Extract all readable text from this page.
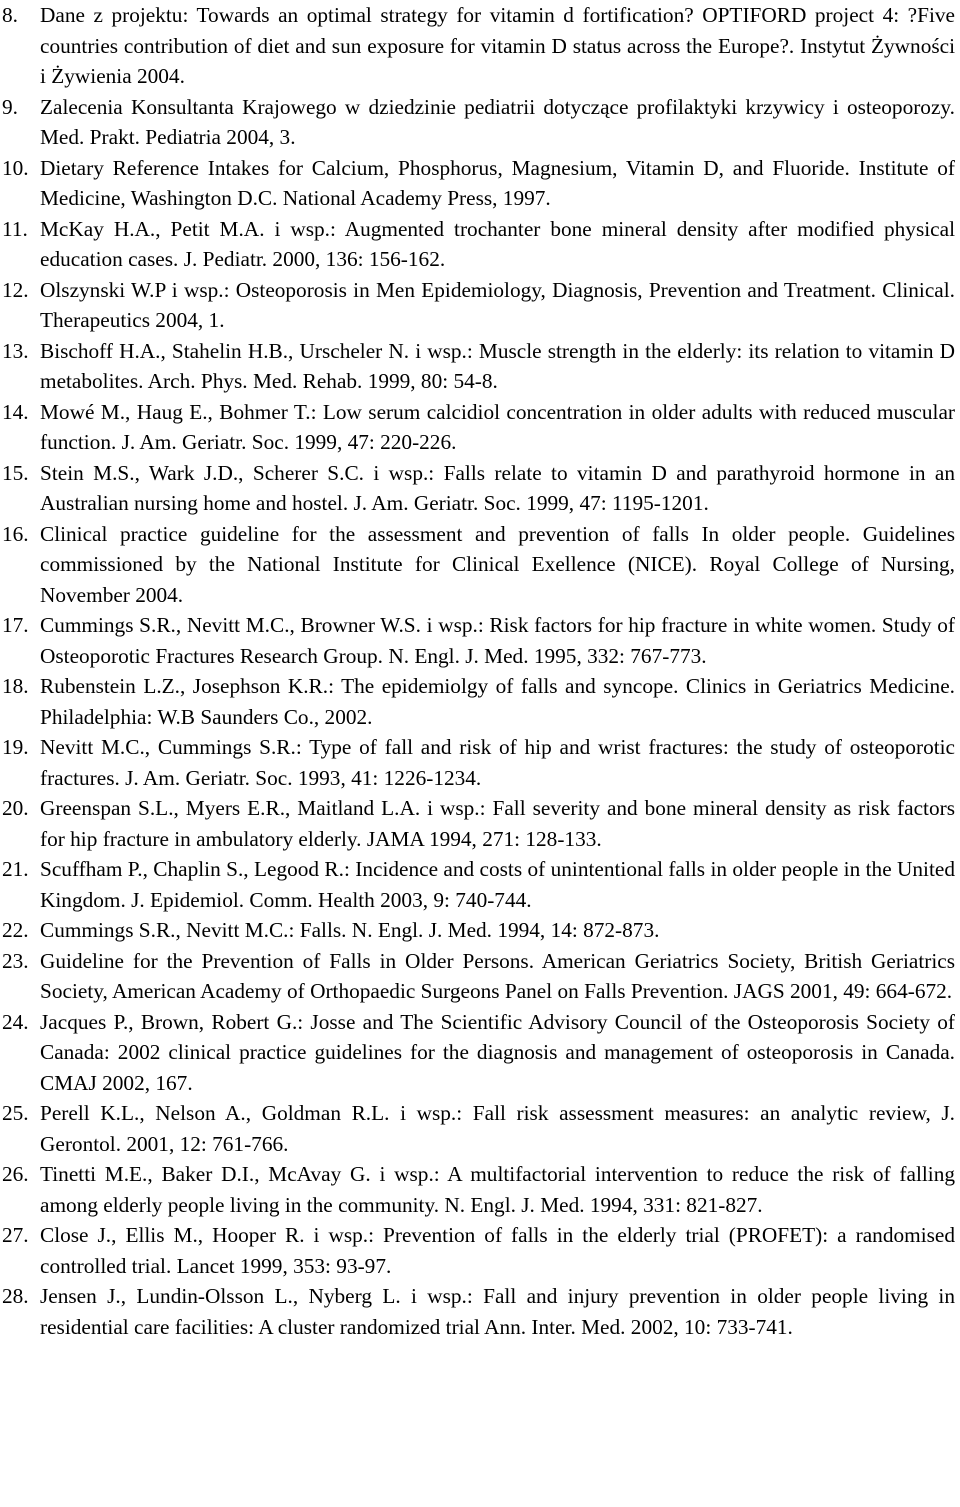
8.	Dane z projektu: Towards an optimal strategy for vitamin d fortification? OPTIFORD project 4: ?Five countries contribution of diet and sun exposure for vitamin D status across the Europe?. Instytut Żywności i Żywienia 2004.
9.	Zalecenia Konsultanta Krajowego w dziedzinie pediatrii dotyczące profilaktyki krzywicy i osteoporozy. Med. Prakt. Pediatria 2004, 3.
10. Dietary Reference Intakes for Calcium, Phosphorus, Magnesium, Vitamin D, and Fluoride. Institute of Medicine, Washington D.C. National Academy Press, 1997.
11. McKay H.A., Petit M.A. i wsp.: Augmented trochanter bone mineral density after modified physical education cases. J. Pediatr. 2000, 136: 156-162.
12. Olszynski W.P i wsp.: Osteoporosis in Men Epidemiology, Diagnosis, Prevention and Treatment. Clinical. Therapeutics 2004, 1.
13. Bischoff H.A., Stahelin H.B., Urscheler N. i wsp.: Muscle strength in the elderly: its relation to vitamin D metabolites. Arch. Phys. Med. Rehab. 1999, 80: 54-8.
14. Mowé M., Haug E., Bohmer T.: Low serum calcidiol concentration in older adults with reduced muscular function. J. Am. Geriatr. Soc. 1999, 47: 220-226.
15. Stein M.S., Wark J.D., Scherer S.C. i wsp.: Falls relate to vitamin D and parathyroid hormone in an Australian nursing home and hostel. J. Am. Geriatr. Soc. 1999, 47: 1195-1201.
16. Clinical practice guideline for the assessment and prevention of falls In older people. Guidelines commissioned by the National Institute for Clinical Exellence (NICE). Royal College of Nursing, November 2004.
17. Cummings S.R., Nevitt M.C., Browner W.S. i wsp.: Risk factors for hip fracture in white women. Study of Osteoporotic Fractures Research Group. N. Engl. J. Med. 1995, 332: 767-773.
18. Rubenstein L.Z., Josephson K.R.: The epidemiolgy of falls and syncope. Clinics in Geriatrics Medicine. Philadelphia: W.B Saunders Co., 2002.
19. Nevitt M.C., Cummings S.R.: Type of fall and risk of hip and wrist fractures: the study of osteoporotic fractures. J. Am. Geriatr. Soc. 1993, 41: 1226-1234.
20. Greenspan S.L., Myers E.R., Maitland L.A. i wsp.: Fall severity and bone mineral density as risk factors for hip fracture in ambulatory elderly. JAMA 1994, 271: 128-133.
21. Scuffham P., Chaplin S., Legood R.: Incidence and costs of unintentional falls in older people in the United Kingdom. J. Epidemiol. Comm. Health 2003, 9: 740-744.
22. Cummings S.R., Nevitt M.C.: Falls. N. Engl. J. Med. 1994, 14: 872-873.
23. Guideline for the Prevention of Falls in Older Persons. American Geriatrics Society, British Geriatrics Society, American Academy of Orthopaedic Surgeons Panel on Falls Prevention. JAGS 2001, 49: 664-672.
24. Jacques P., Brown, Robert G.: Josse and The Scientific Advisory Council of the Osteoporosis Society of Canada: 2002 clinical practice guidelines for the diagnosis and management of osteoporosis in Canada. CMAJ 2002, 167.
25. Perell K.L., Nelson A., Goldman R.L. i wsp.: Fall risk assessment measures: an analytic review, J. Gerontol. 2001, 12: 761-766.
26. Tinetti M.E., Baker D.I., McAvay G. i wsp.: A multifactorial intervention to reduce the risk of falling among elderly people living in the community. N. Engl. J. Med. 1994, 331: 821-827.
27. Close J., Ellis M., Hooper R. i wsp.: Prevention of falls in the elderly trial (PROFET): a randomised controlled trial. Lancet 1999, 353: 93-97.
28. Jensen J., Lundin-Olsson L., Nyberg L. i wsp.: Fall and injury prevention in older people living in residential care facilities: A cluster randomized trial Ann. Inter. Med. 2002, 10: 733-741.
